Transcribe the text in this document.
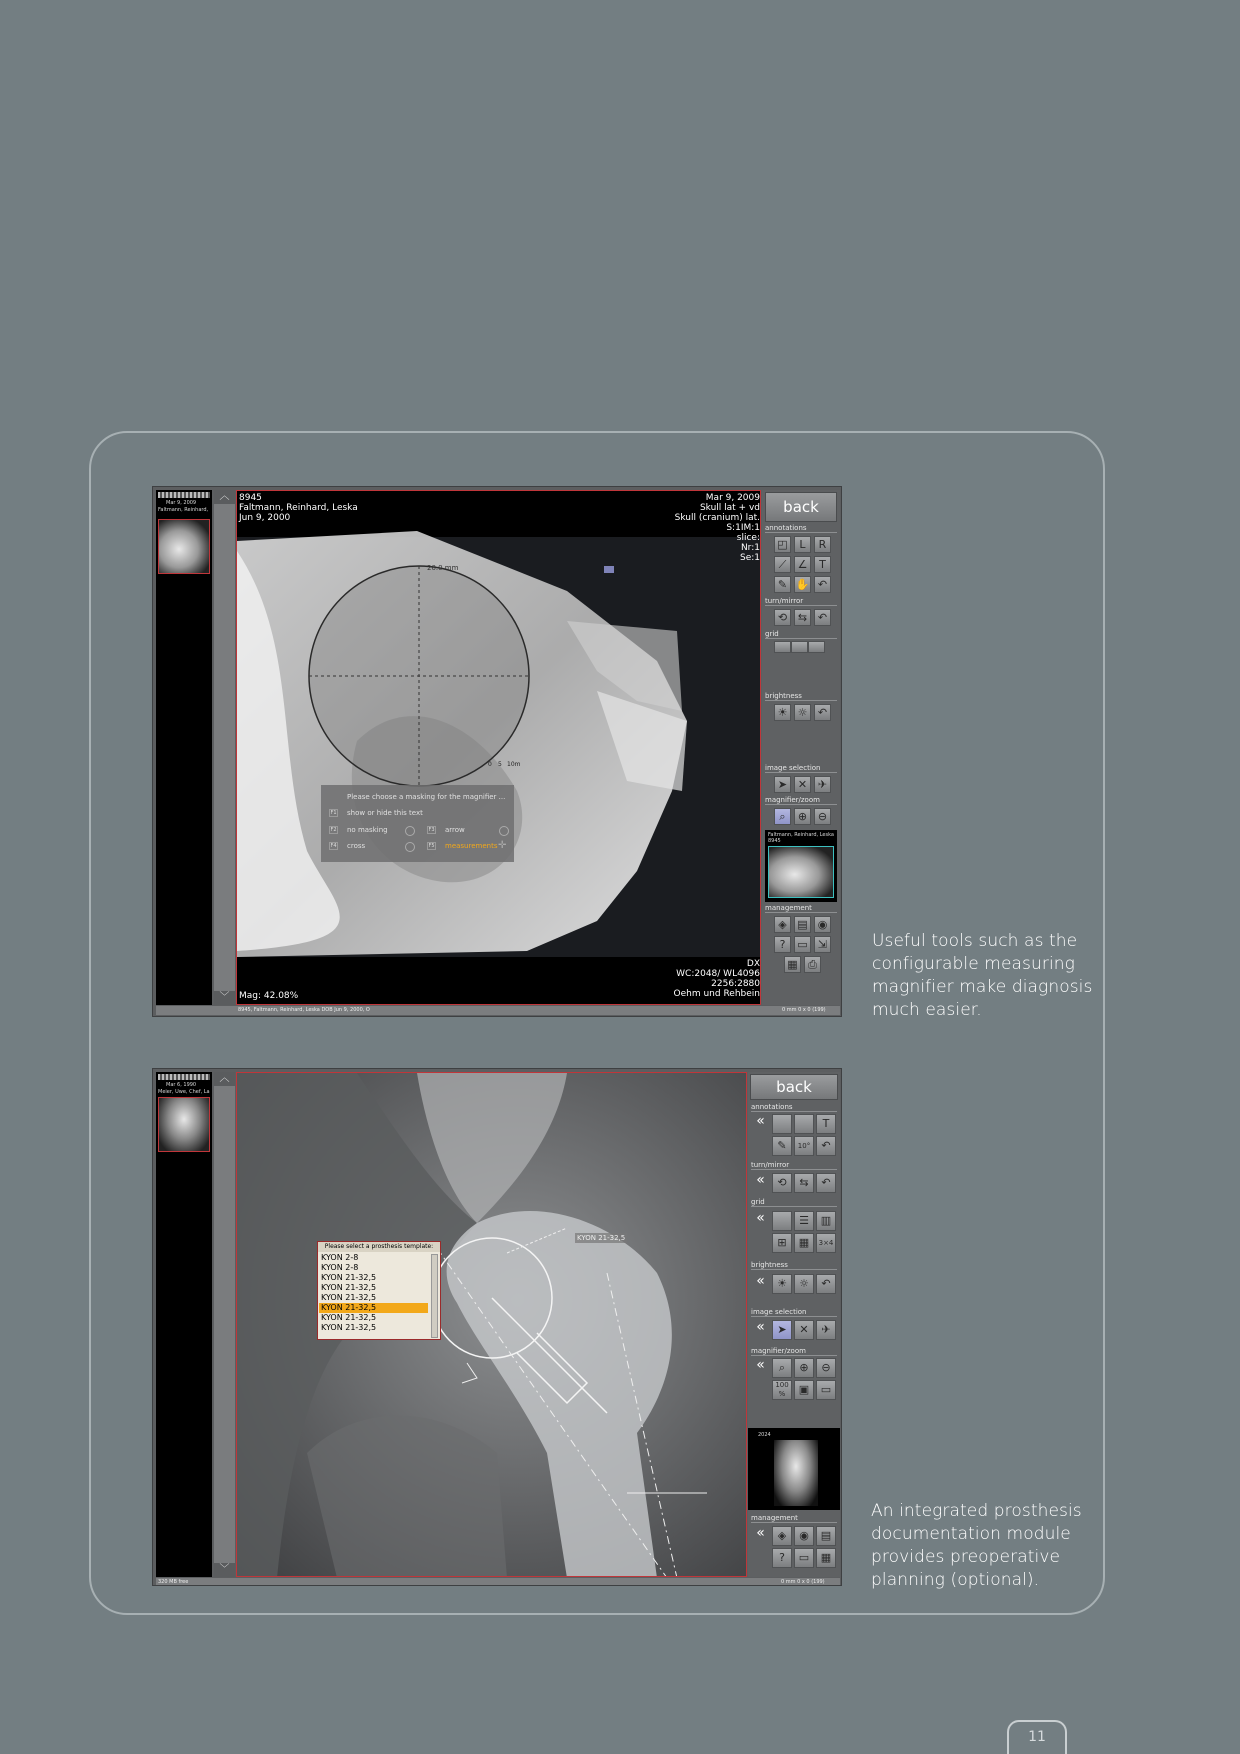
Mar 9, 2009
Faltmann, Reinhard,
︿
﹀
20.0 mm
0 5 10m
8945
Faltmann, Reinhard, Leska
Jun 9, 2000
Mar 9, 2009
Skull lat + vd
Skull (cranium) lat.
S:1IM:1
slice:
Nr:1
Se:1
DX
WC:2048/ WL4096
2256:2880
Oehm und Rehbein
Mag: 42.08%
Please choose a masking for the magnifier ...
F1 show or hide this text
F2 no masking	F3 arrow
F4 cross	F5 measurements ✛
back
annotations
◰	L	R
⟋	∠	T
✎ ✋ ↶
turn/mirror
⟲ ⇆ ↶
grid
brightness
☀ ☼ ↶
image selection
➤ ✕ ✈
magnifier/zoom
⌕	⊕ ⊖
Faltmann, Reinhard, Leska
8945
management
◈ ▤ ◉
?	▭ ⇲
▦ ⎙
8945, Faltmann, Reinhard, Leska DOB Jun 9, 2000, O	0 mm 0 x 0 (199)
Useful tools such as the
configurable measuring
magnifier make diagnosis
much easier.
Mar 6, 1990
Meier, Uwe, Chef, La
︿
﹀
KYON 21-32,5
Please select a prosthesis template:
KYON 2-8
KYON 2-8
KYON 21-32,5
KYON 21-32,5
KYON 21-32,5
KYON 21-32,5
KYON 21-32,5
KYON 21-32,5
back
annotations
«	T
✎	10°	↶
turn/mirror
«	⟲	⇆	↶
grid
«	☰	▥
⊞	▦	3×4
brightness
«	☀	☼	↶
image selection
«	➤	✕	✈
magnifier/zoom
«	⌕	⊕	⊖
100 %	▣	▭
2024
management
«	◈	◉	▤
?	▭	▦
320 MB free	0 mm 0 x 0 (199)
An integrated prosthesis
documentation module
provides preoperative
planning (optional).
11
